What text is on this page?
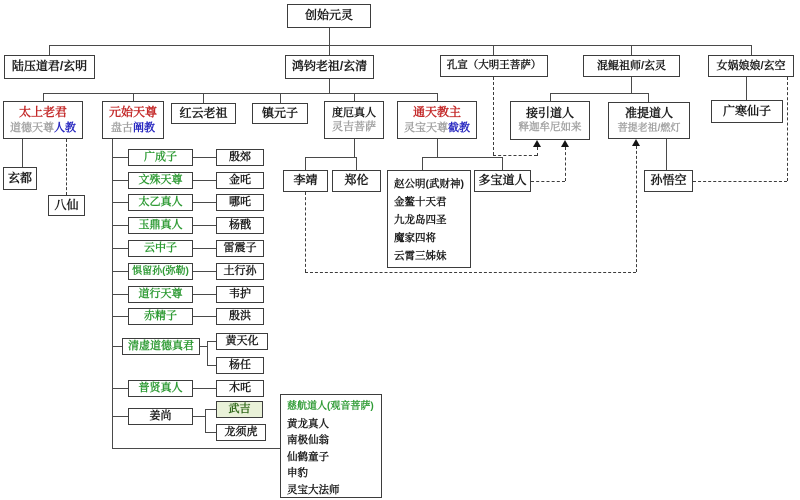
创始元灵
陆压道君/玄明	鸿钧老祖/玄清	孔宣（大明王菩萨）	混鲲祖师/玄灵	女娲娘娘/玄空
太上老君
道德天尊人教
元始天尊
盘古阐教
红云老祖	镇元子	度厄真人
灵吉菩萨
通天教主
灵宝天尊截教
接引道人
释迦牟尼如来
准提道人
菩提老祖/燃灯
广寒仙子
玄都
八仙
广成子	殷郊
文殊天尊	金吒
太乙真人	哪吒
玉鼎真人	杨戬
云中子	雷震子
惧留孙(弥勒)	土行孙
道行天尊	韦护
赤精子	殷洪
清虚道德真君	黄天化
杨任
普贤真人	木吒
姜尚
武吉
龙须虎
李靖 郑伦 赵公明(武财神)
金鳌十天君
九龙岛四圣
魔家四将
云霄三姊妹
多宝道人	孙悟空
慈航道人(观音菩萨)
黄龙真人
南极仙翁
仙鹤童子
申豹
灵宝大法师
